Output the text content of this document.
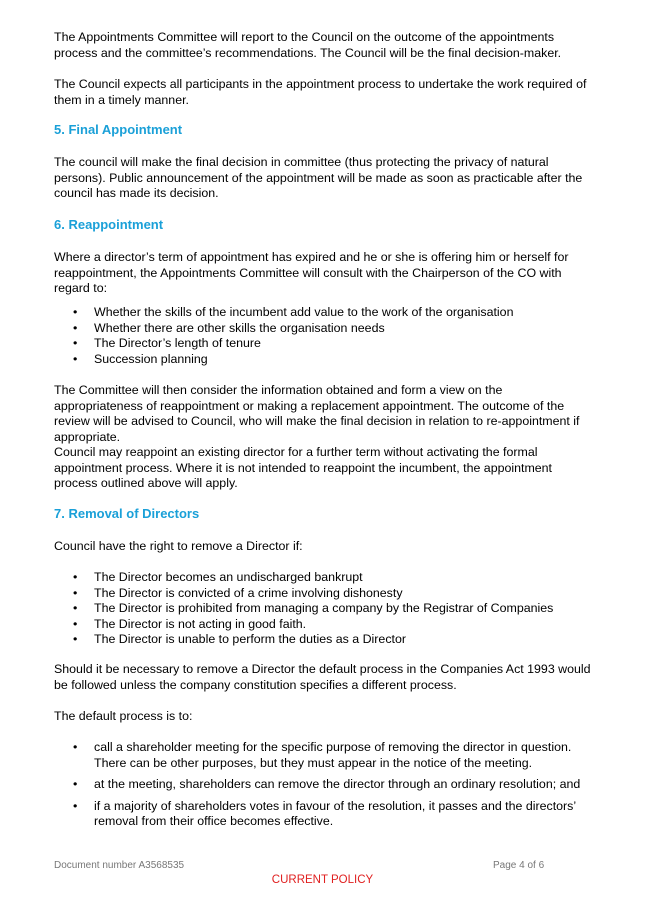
The Appointments Committee will report to the Council on the outcome of the appointments process and the committee’s recommendations. The Council will be the final decision-maker.

The Council expects all participants in the appointment process to undertake the work required of them in a timely manner.

5. Final Appointment

The council will make the final decision in committee (thus protecting the privacy of natural persons). Public announcement of the appointment will be made as soon as practicable after the council has made its decision.

6. Reappointment

Where a director’s term of appointment has expired and he or she is offering him or herself for reappointment, the Appointments Committee will consult with the Chairperson of the CO with regard to:

• Whether the skills of the incumbent add value to the work of the organisation
• Whether there are other skills the organisation needs
• The Director’s length of tenure
• Succession planning

The Committee will then consider the information obtained and form a view on the appropriateness of reappointment or making a replacement appointment. The outcome of the review will be advised to Council, who will make the final decision in relation to re-appointment if appropriate.

Council may reappoint an existing director for a further term without activating the formal appointment process. Where it is not intended to reappoint the incumbent, the appointment process outlined above will apply.

7. Removal of Directors

Council have the right to remove a Director if:

• The Director becomes an undischarged bankrupt
• The Director is convicted of a crime involving dishonesty
• The Director is prohibited from managing a company by the Registrar of Companies
• The Director is not acting in good faith.
• The Director is unable to perform the duties as a Director

Should it be necessary to remove a Director the default process in the Companies Act 1993 would be followed unless the company constitution specifies a different process.

The default process is to:

• call a shareholder meeting for the specific purpose of removing the director in question. There can be other purposes, but they must appear in the notice of the meeting.
• at the meeting, shareholders can remove the director through an ordinary resolution; and
• if a majority of shareholders votes in favour of the resolution, it passes and the directors’ removal from their office becomes effective.
Document number A3568535	Page 4 of 6
CURRENT POLICY
